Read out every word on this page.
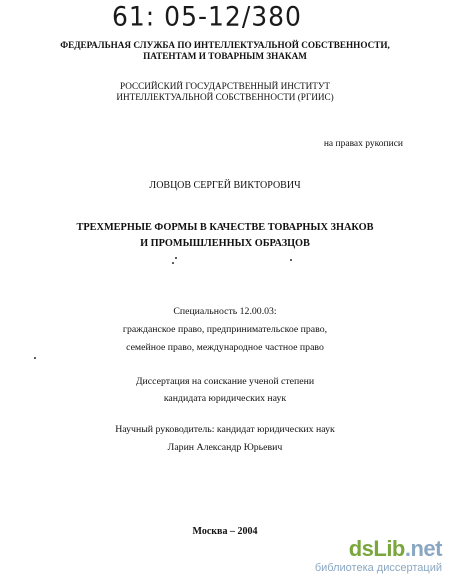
61: 05-12/380
ФЕДЕРАЛЬНАЯ СЛУЖБА ПО ИНТЕЛЛЕКТУАЛЬНОЙ СОБСТВЕННОСТИ,
ПАТЕНТАМ И ТОВАРНЫМ ЗНАКАМ
РОССИЙСКИЙ ГОСУДАРСТВЕННЫЙ ИНСТИТУТ
ИНТЕЛЛЕКТУАЛЬНОЙ СОБСТВЕННОСТИ (РГИИС)
на правах рукописи
ЛОВЦОВ СЕРГЕЙ ВИКТОРОВИЧ
ТРЕХМЕРНЫЕ ФОРМЫ В КАЧЕСТВЕ ТОВАРНЫХ ЗНАКОВ
И ПРОМЫШЛЕННЫХ ОБРАЗЦОВ
Специальность 12.00.03:
гражданское право, предпринимательское право,
семейное право, международное частное право
Диссертация на соискание ученой степени
кандидата юридических наук
Научный руководитель: кандидат юридических наук
Ларин Александр Юрьевич
Москва – 2004
dsLib.net
библиотека диссертаций
